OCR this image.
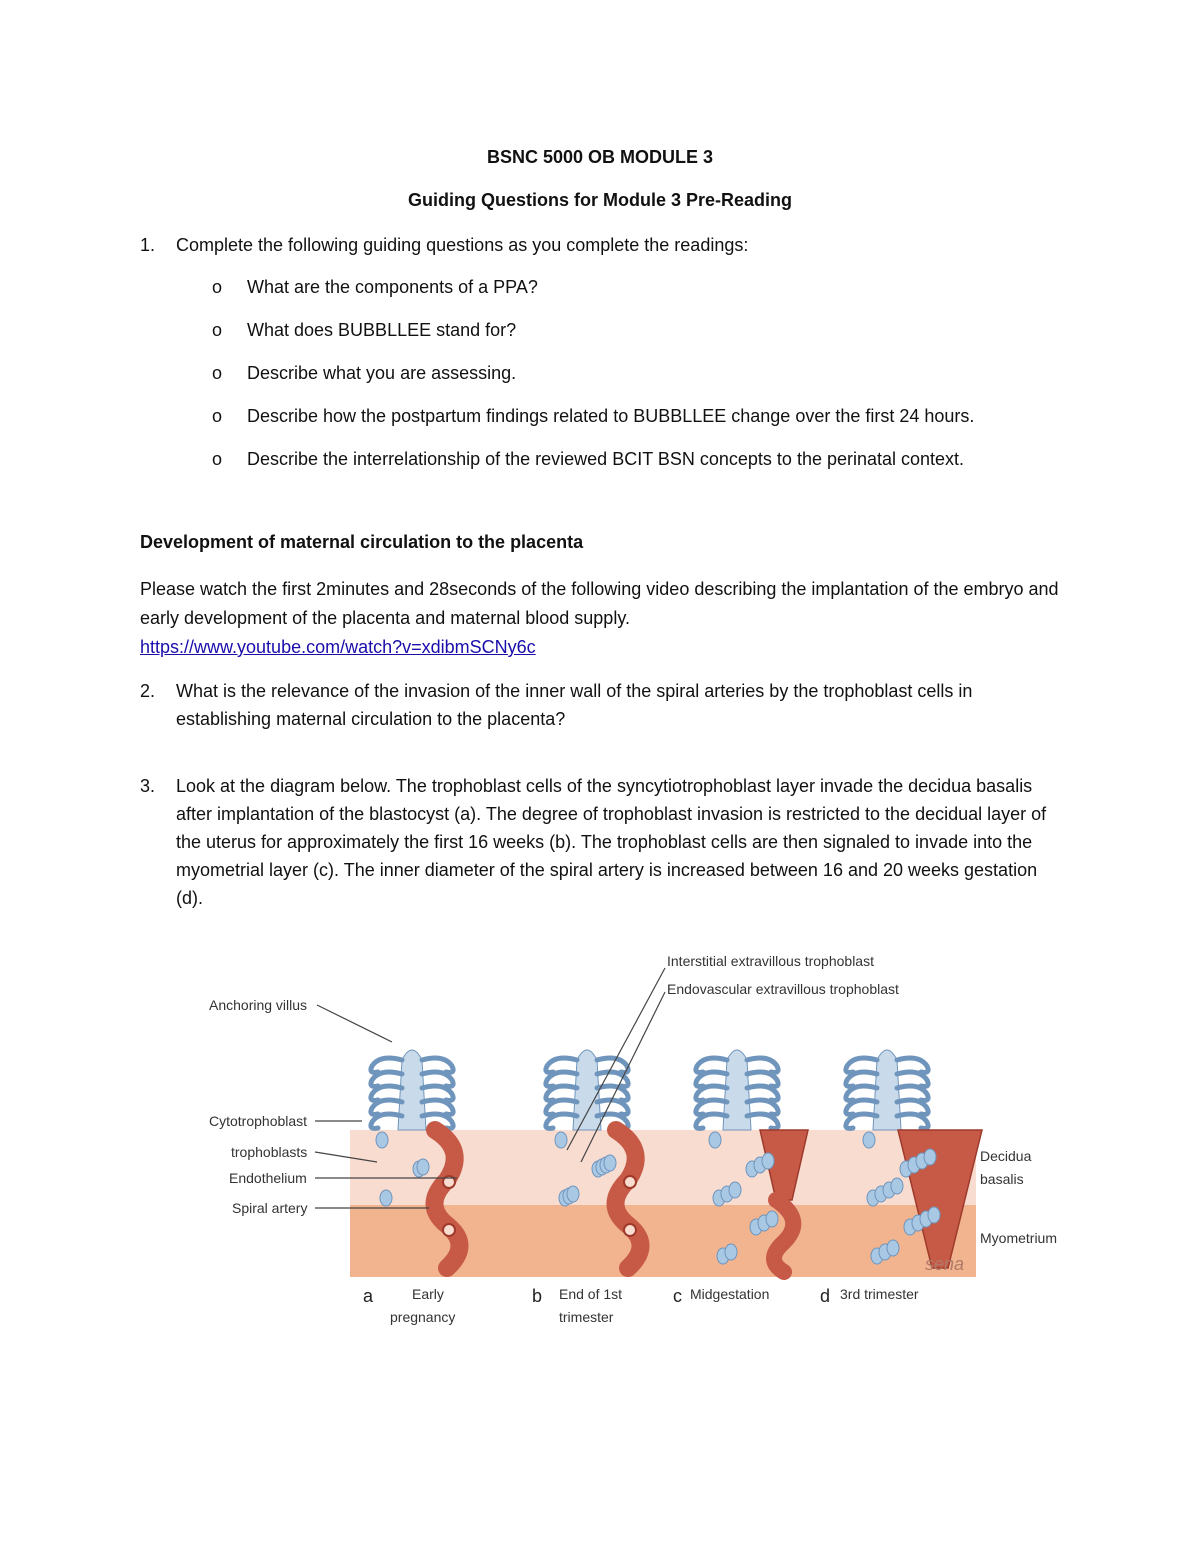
BSNC 5000 OB MODULE 3
Guiding Questions for Module 3 Pre-Reading
1. Complete the following guiding questions as you complete the readings:
o What are the components of a PPA?
o What does BUBBLLEE stand for?
o Describe what you are assessing.
o Describe how the postpartum findings related to BUBBLLEE change over the first 24 hours.
o Describe the interrelationship of the reviewed BCIT BSN concepts to the perinatal context.
Development of maternal circulation to the placenta
Please watch the first 2minutes and 28seconds of the following video describing the implantation of the embryo and early development of the placenta and maternal blood supply.
https://www.youtube.com/watch?v=xdibmSCNy6c
2. What is the relevance of the invasion of the inner wall of the spiral arteries by the trophoblast cells in establishing maternal circulation to the placenta?
3. Look at the diagram below. The trophoblast cells of the syncytiotrophoblast layer invade the decidua basalis after implantation of the blastocyst (a). The degree of trophoblast invasion is restricted to the decidual layer of the uterus for approximately the first 16 weeks (b). The trophoblast cells are then signaled to invade into the myometrial layer (c). The inner diameter of the spiral artery is increased between 16 and 20 weeks gestation (d).
Anchoring villus
Cytotrophoblast
trophoblasts
Endothelium
Spiral artery
Interstitial extravillous trophoblast
Endovascular extravillous trophoblast
Decidua
basalis
Myometrium
sena
a	Early
pregnancy
b End of 1st
trimester
c Midgestation	d 3rd trimester
